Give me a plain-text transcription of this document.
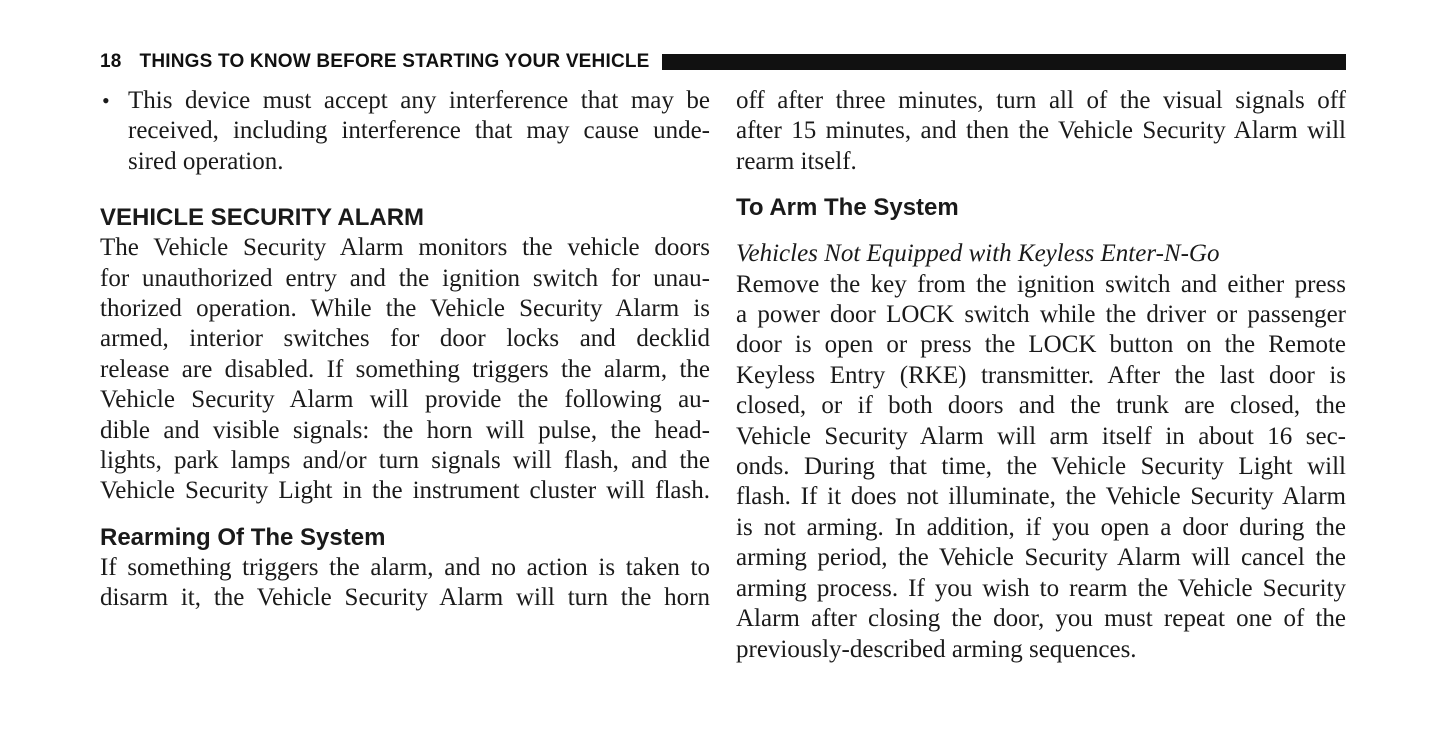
18 THINGS TO KNOW BEFORE STARTING YOUR VEHICLE
• This device must accept any interference that may be
received, including interference that may cause unde-
sired operation.
VEHICLE SECURITY ALARM
The Vehicle Security Alarm monitors the vehicle doors
for unauthorized entry and the ignition switch for unau-
thorized operation. While the Vehicle Security Alarm is
armed, interior switches for door locks and decklid
release are disabled. If something triggers the alarm, the
Vehicle Security Alarm will provide the following au-
dible and visible signals: the horn will pulse, the head-
lights, park lamps and/or turn signals will flash, and the
Vehicle Security Light in the instrument cluster will flash.
Rearming Of The System
If something triggers the alarm, and no action is taken to
disarm it, the Vehicle Security Alarm will turn the horn
off after three minutes, turn all of the visual signals off
after 15 minutes, and then the Vehicle Security Alarm will
rearm itself.
To Arm The System
Vehicles Not Equipped with Keyless Enter-N-Go
Remove the key from the ignition switch and either press
a power door LOCK switch while the driver or passenger
door is open or press the LOCK button on the Remote
Keyless Entry (RKE) transmitter. After the last door is
closed, or if both doors and the trunk are closed, the
Vehicle Security Alarm will arm itself in about 16 sec-
onds. During that time, the Vehicle Security Light will
flash. If it does not illuminate, the Vehicle Security Alarm
is not arming. In addition, if you open a door during the
arming period, the Vehicle Security Alarm will cancel the
arming process. If you wish to rearm the Vehicle Security
Alarm after closing the door, you must repeat one of the
previously-described arming sequences.
